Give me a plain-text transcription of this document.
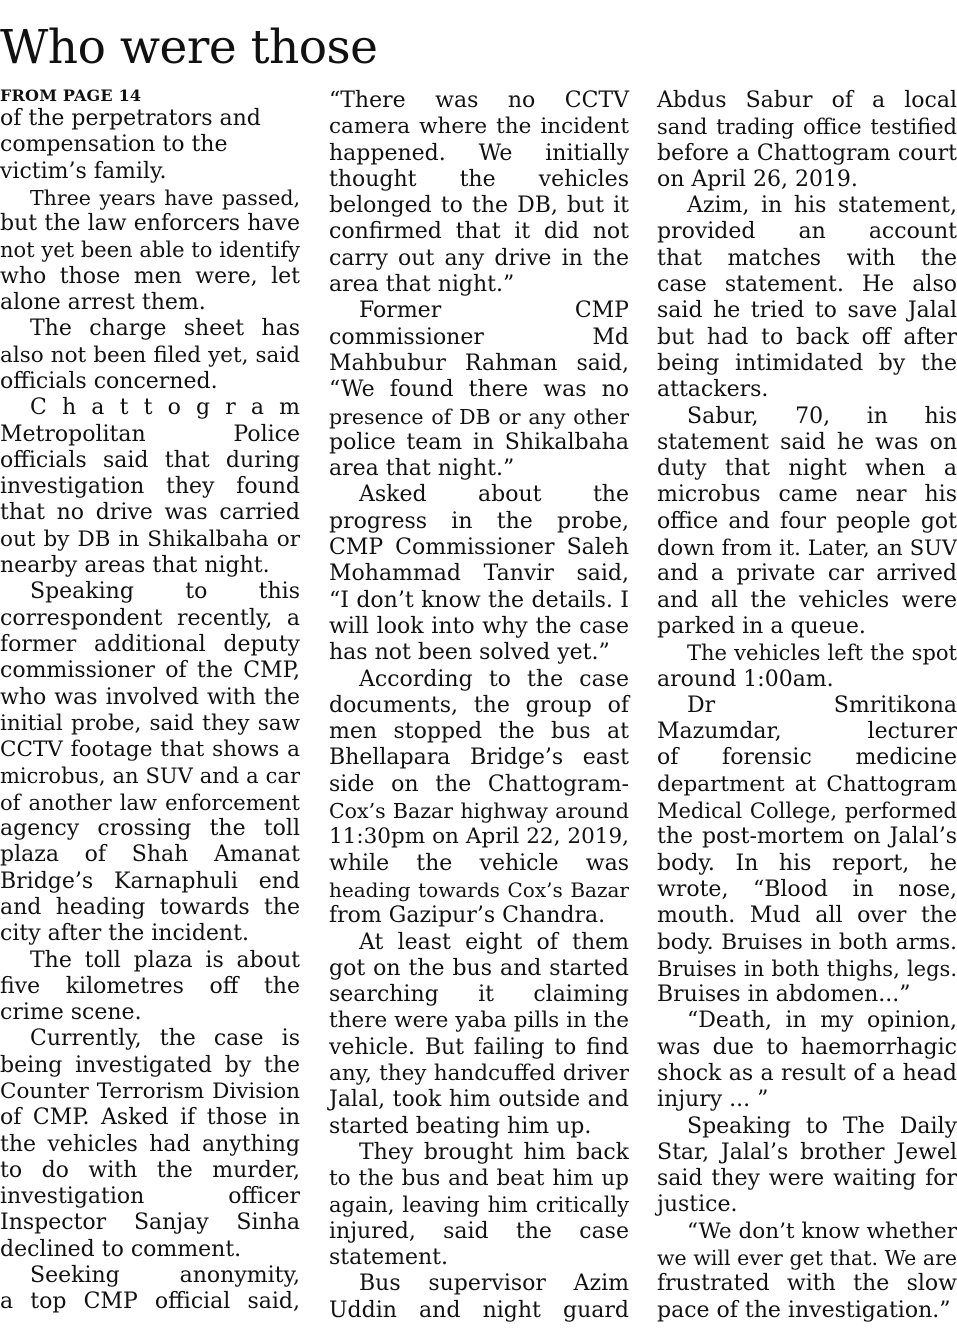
Who were those
FROM PAGE 14
of the perpetrators and
compensation to the
victim’s family.
Three years have passed,
but the law enforcers have
not yet been able to identify
who those men were, let
alone arrest them.
The charge sheet has
also not been filed yet, said
officials concerned.
C h a t t o g r a m
Metropolitan Police
officials said that during
investigation they found
that no drive was carried
out by DB in Shikalbaha or
nearby areas that night.
Speaking to this
correspondent recently, a
former additional deputy
commissioner of the CMP,
who was involved with the
initial probe, said they saw
CCTV footage that shows a
microbus, an SUV and a car
of another law enforcement
agency crossing the toll
plaza of Shah Amanat
Bridge’s Karnaphuli end
and heading towards the
city after the incident.
The toll plaza is about
five kilometres off the
crime scene.
Currently, the case is
being investigated by the
Counter Terrorism Division
of CMP. Asked if those in
the vehicles had anything
to do with the murder,
investigation officer
Inspector Sanjay Sinha
declined to comment.
Seeking anonymity,
a top CMP official said,
“There was no CCTV
camera where the incident
happened. We initially
thought the vehicles
belonged to the DB, but it
confirmed that it did not
carry out any drive in the
area that night.”
Former CMP
commissioner Md
Mahbubur Rahman said,
“We found there was no
presence of DB or any other
police team in Shikalbaha
area that night.”
Asked about the
progress in the probe,
CMP Commissioner Saleh
Mohammad Tanvir said,
“I don’t know the details. I
will look into why the case
has not been solved yet.”
According to the case
documents, the group of
men stopped the bus at
Bhellapara Bridge’s east
side on the Chattogram-
Cox’s Bazar highway around
11:30pm on April 22, 2019,
while the vehicle was
heading towards Cox’s Bazar
from Gazipur’s Chandra.
At least eight of them
got on the bus and started
searching it claiming
there were yaba pills in the
vehicle. But failing to find
any, they handcuffed driver
Jalal, took him outside and
started beating him up.
They brought him back
to the bus and beat him up
again, leaving him critically
injured, said the case
statement.
Bus supervisor Azim
Uddin and night guard
Abdus Sabur of a local
sand trading office testified
before a Chattogram court
on April 26, 2019.
Azim, in his statement,
provided an account
that matches with the
case statement. He also
said he tried to save Jalal
but had to back off after
being intimidated by the
attackers.
Sabur, 70, in his
statement said he was on
duty that night when a
microbus came near his
office and four people got
down from it. Later, an SUV
and a private car arrived
and all the vehicles were
parked in a queue.
The vehicles left the spot
around 1:00am.
Dr Smritikona
Mazumdar, lecturer
of forensic medicine
department at Chattogram
Medical College, performed
the post-mortem on Jalal’s
body. In his report, he
wrote, “Blood in nose,
mouth. Mud all over the
body. Bruises in both arms.
Bruises in both thighs, legs.
Bruises in abdomen...”
“Death, in my opinion,
was due to haemorrhagic
shock as a result of a head
injury ... ”
Speaking to The Daily
Star, Jalal’s brother Jewel
said they were waiting for
justice.
“We don’t know whether
we will ever get that. We are
frustrated with the slow
pace of the investigation.”
